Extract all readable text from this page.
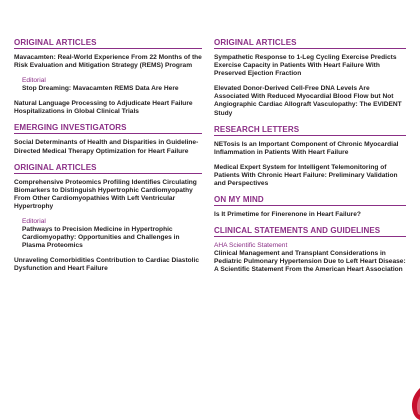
ORIGINAL ARTICLES
Mavacamten: Real-World Experience From 22 Months of the Risk Evaluation and Mitigation Strategy (REMS) Program
Editorial
Stop Dreaming: Mavacamten REMS Data Are Here
Natural Language Processing to Adjudicate Heart Failure Hospitalizations in Global Clinical Trials
EMERGING INVESTIGATORS
Social Determinants of Health and Disparities in Guideline-Directed Medical Therapy Optimization for Heart Failure
ORIGINAL ARTICLES
Comprehensive Proteomics Profiling Identifies Circulating Biomarkers to Distinguish Hypertrophic Cardiomyopathy From Other Cardiomyopathies With Left Ventricular Hypertrophy
Editorial
Pathways to Precision Medicine in Hypertrophic Cardiomyopathy: Opportunities and Challenges in Plasma Proteomics
Unraveling Comorbidities Contribution to Cardiac Diastolic Dysfunction and Heart Failure
ORIGINAL ARTICLES
Sympathetic Response to 1-Leg Cycling Exercise Predicts Exercise Capacity in Patients With Heart Failure With Preserved Ejection Fraction
Elevated Donor-Derived Cell-Free DNA Levels Are Associated With Reduced Myocardial Blood Flow but Not Angiographic Cardiac Allograft Vasculopathy: The EVIDENT Study
RESEARCH LETTERS
NETosis Is an Important Component of Chronic Myocardial Inflammation in Patients With Heart Failure
Medical Expert System for Intelligent Telemonitoring of Patients With Chronic Heart Failure: Preliminary Validation and Perspectives
ON MY MIND
Is It Primetime for Finerenone in Heart Failure?
CLINICAL STATEMENTS AND GUIDELINES
AHA Scientific Statement
Clinical Management and Transplant Considerations in Pediatric Pulmonary Hypertension Due to Left Heart Disease: A Scientific Statement From the American Heart Association
